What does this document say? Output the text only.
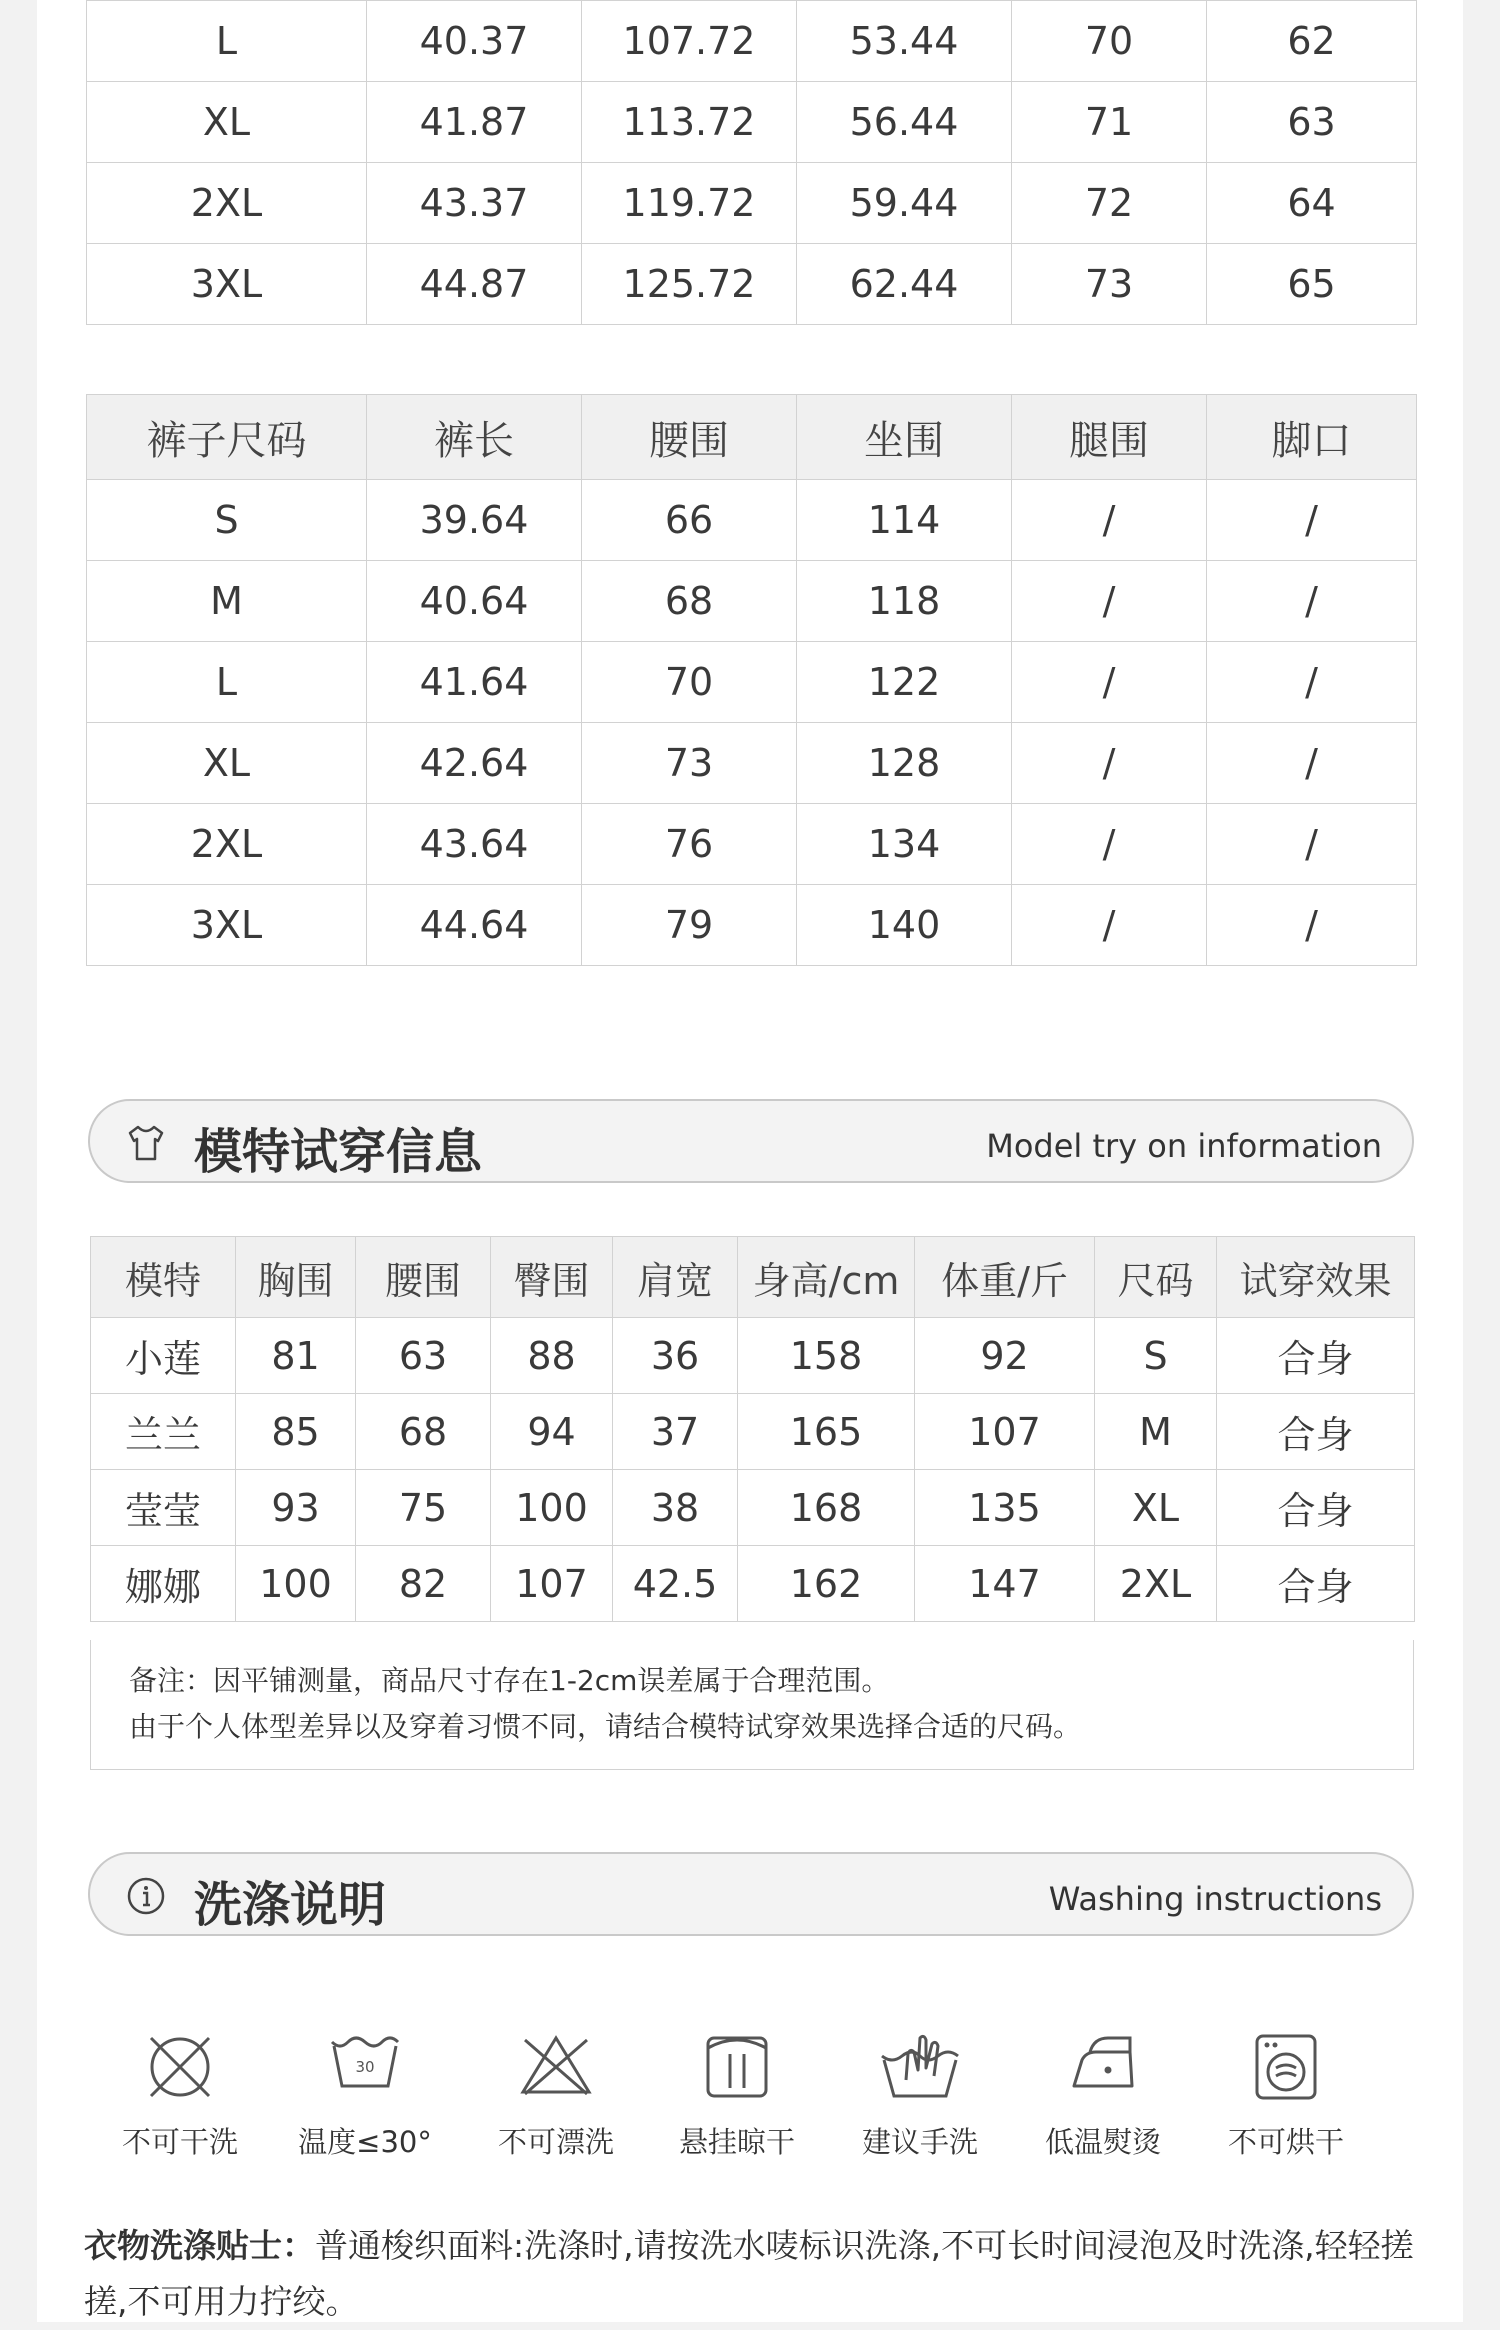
L	40.37	107.72	53.44	70	62
XL	41.87	113.72	56.44	71	63
2XL	43.37	119.72	59.44	72	64
3XL	44.87	125.72	62.44	73	65
裤子尺码	裤长	腰围	坐围	腿围	脚口
S	39.64	66	114	/	/
M	40.64	68	118	/	/
L	41.64	70	122	/	/
XL	42.64	73	128	/	/
2XL	43.64	76	134	/	/
3XL	44.64	79	140	/	/
模特试穿信息	Model try on information
模特	胸围	腰围	臀围	肩宽	身高/cm	体重/斤	尺码	试穿效果
小莲	81	63	88	36	158	92	S	合身
兰兰	85	68	94	37	165	107	M	合身
莹莹	93	75	100	38	168	135	XL	合身
娜娜	100	82	107	42.5	162	147	2XL	合身
备注：因平铺测量，商品尺寸存在1-2cm误差属于合理范围。
由于个人体型差异以及穿着习惯不同，请结合模特试穿效果选择合适的尺码。
洗涤说明	Washing instructions
不可干洗
30
温度≤30°	不可漂洗	悬挂晾干	建议手洗	低温熨烫	不可烘干
衣物洗涤贴士：普通梭织面料:洗涤时,请按洗水唛标识洗涤,不可长时间浸泡及时洗涤,轻轻搓搓,不可用力拧绞。
